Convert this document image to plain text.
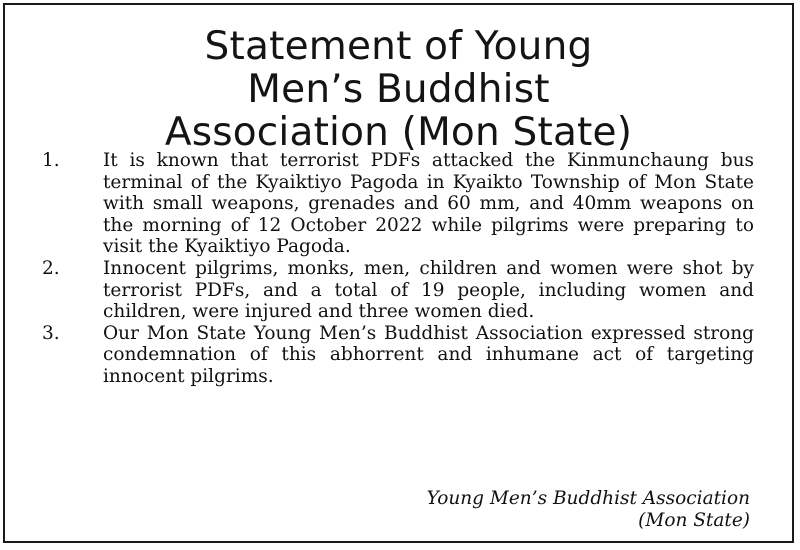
Statement of Young
Men’s Buddhist
Association (Mon State)
1.	It is known that terrorist PDFs attacked the Kinmunchaung bus terminal of the Kyaiktiyo Pagoda in Kyaikto Township of Mon State with small weapons, grenades and 60 mm, and 40mm weapons on the morning of 12 October 2022 while pilgrims were preparing to visit the Kyaiktiyo Pagoda.
2.	Innocent pilgrims, monks, men, children and women were shot by terrorist PDFs, and a total of 19 people, including women and children, were injured and three women died.
3.	Our Mon State Young Men’s Buddhist Association expressed strong condemnation of this abhorrent and inhumane act of targeting innocent pilgrims.
Young Men’s Buddhist Association
(Mon State)
